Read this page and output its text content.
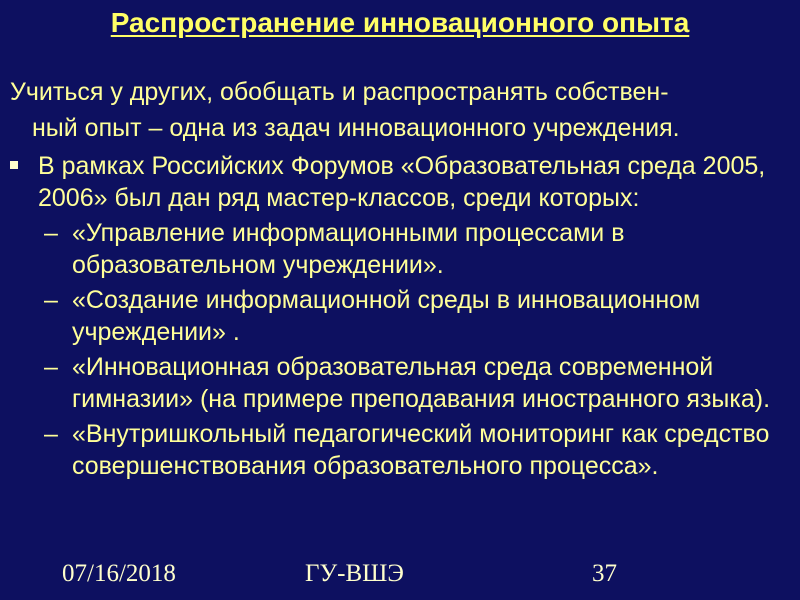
Распространение инновационного опыта
Учиться у других, обобщать и распространять собствен-
ный опыт – одна из задач инновационного учреждения.
В рамках Российских Форумов «Образовательная среда 2005, 2006» был дан ряд мастер-классов, среди которых:
– «Управление информационными процессами в образовательном учреждении».
– «Создание информационной среды в инновационном учреждении» .
– «Инновационная образовательная среда современной гимназии» (на примере преподавания иностранного языка).
– «Внутришкольный педагогический мониторинг как средство совершенствования образовательного процесса».
07/16/2018	ГУ-ВШЭ	37
